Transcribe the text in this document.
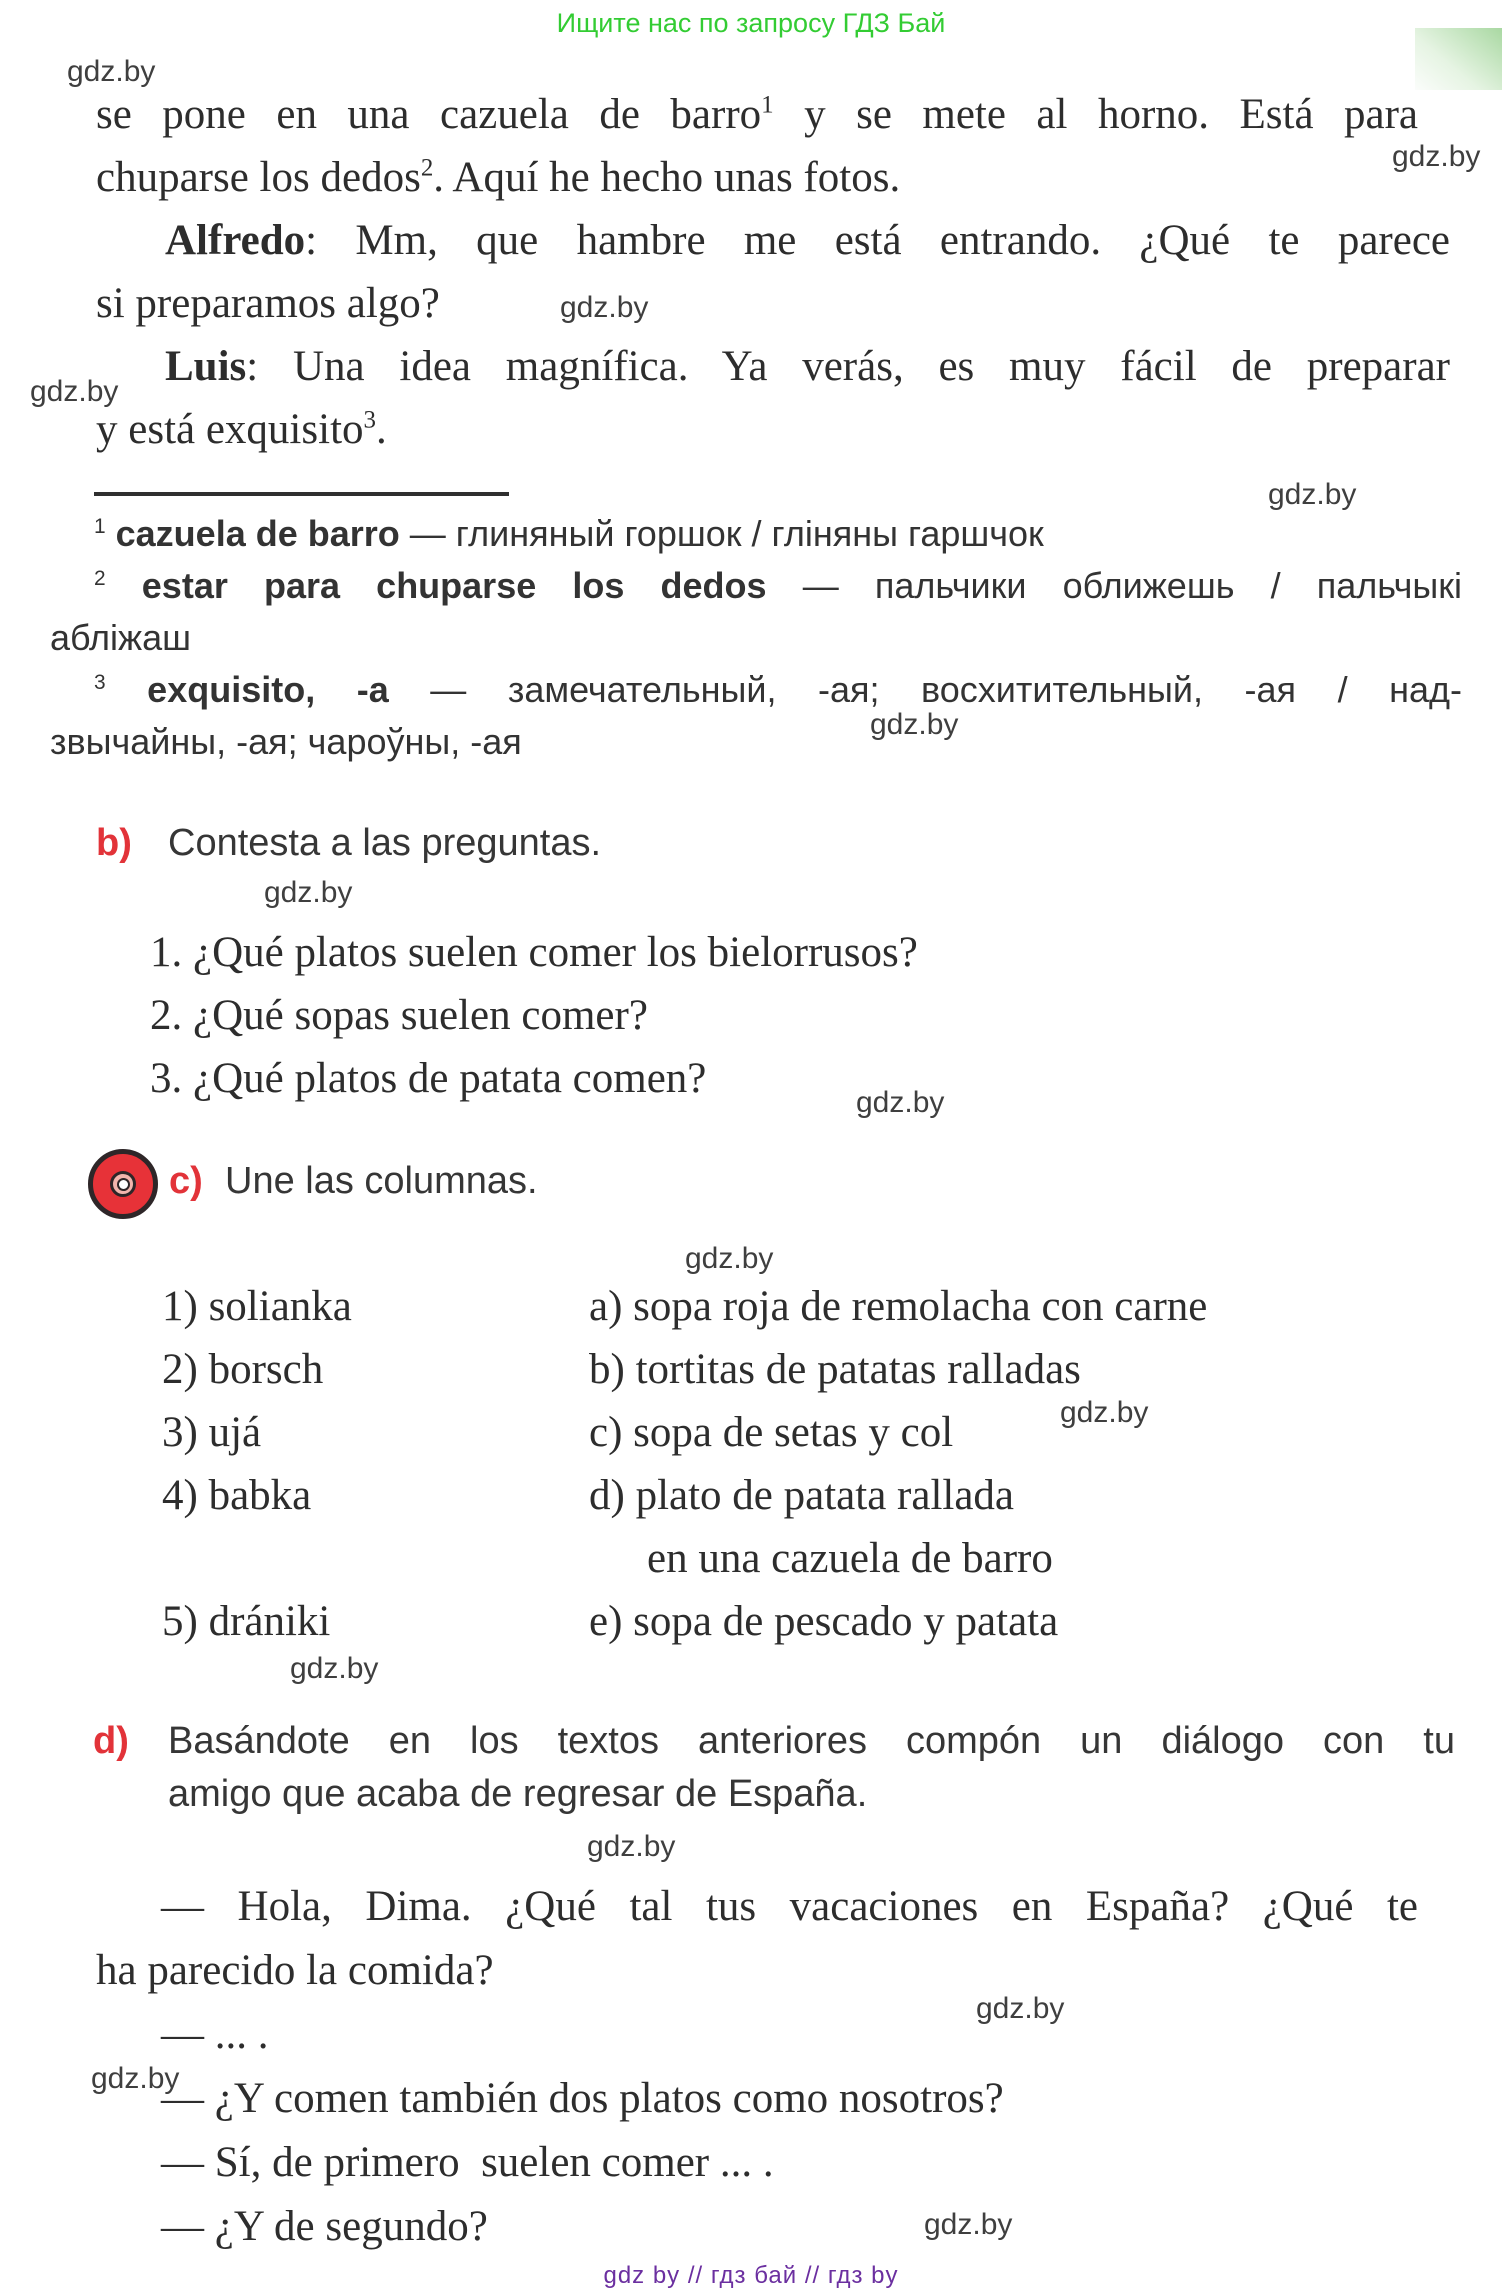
Ищите нас по запросу ГДЗ Бай
gdz.by
gdz.by
gdz.by
gdz.by
gdz.by
gdz.by
gdz.by
gdz.by
gdz.by
gdz.by
gdz.by
gdz.by
gdz.by
gdz.by
gdz.by
se pone en una cazuela de barro$^1$ y se mete al horno. Está para
chuparse los dedos$^2$. Aquí he hecho unas fotos.
Alfredo: Mm, que hambre me está entrando. ¿Qué te parece
si preparamos algo?
Luis: Una idea magnífica. Ya verás, es muy fácil de preparar
y está exquisito$^3$.
$^1$ cazuela de barro — глиняный горшок / гліняны гаршчок
$^2$ estar para chuparse los dedos — пальчики оближешь / пальчыкі
абліжаш
$^3$ exquisito, -a — замечательный, -ая; восхитительный, -ая / над-
звычайны, -ая; чароўны, -ая
b) Contesta a las preguntas.
1. ¿Qué platos suelen comer los bielorrusos?
2. ¿Qué sopas suelen comer?
3. ¿Qué platos de patata comen?
c) Une las columnas.
1) solianka	a) sopa roja de remolacha con carne
2) borsch	b) tortitas de patatas ralladas
3) ujá	c) sopa de setas y col
4) babka	d) plato de patata rallada
en una cazuela de barro
5) drániki	e) sopa de pescado y patata
d) Basándote en los textos anteriores compón un diálogo con tu
amigo que acaba de regresar de España.
— Hola, Dima. ¿Qué tal tus vacaciones en España? ¿Qué te
ha parecido la comida?
— ... .
— ¿Y comen también dos platos como nosotros?
— Sí, de primero  suelen comer ... .
— ¿Y de segundo?
gdz by // гдз бай // гдз by
